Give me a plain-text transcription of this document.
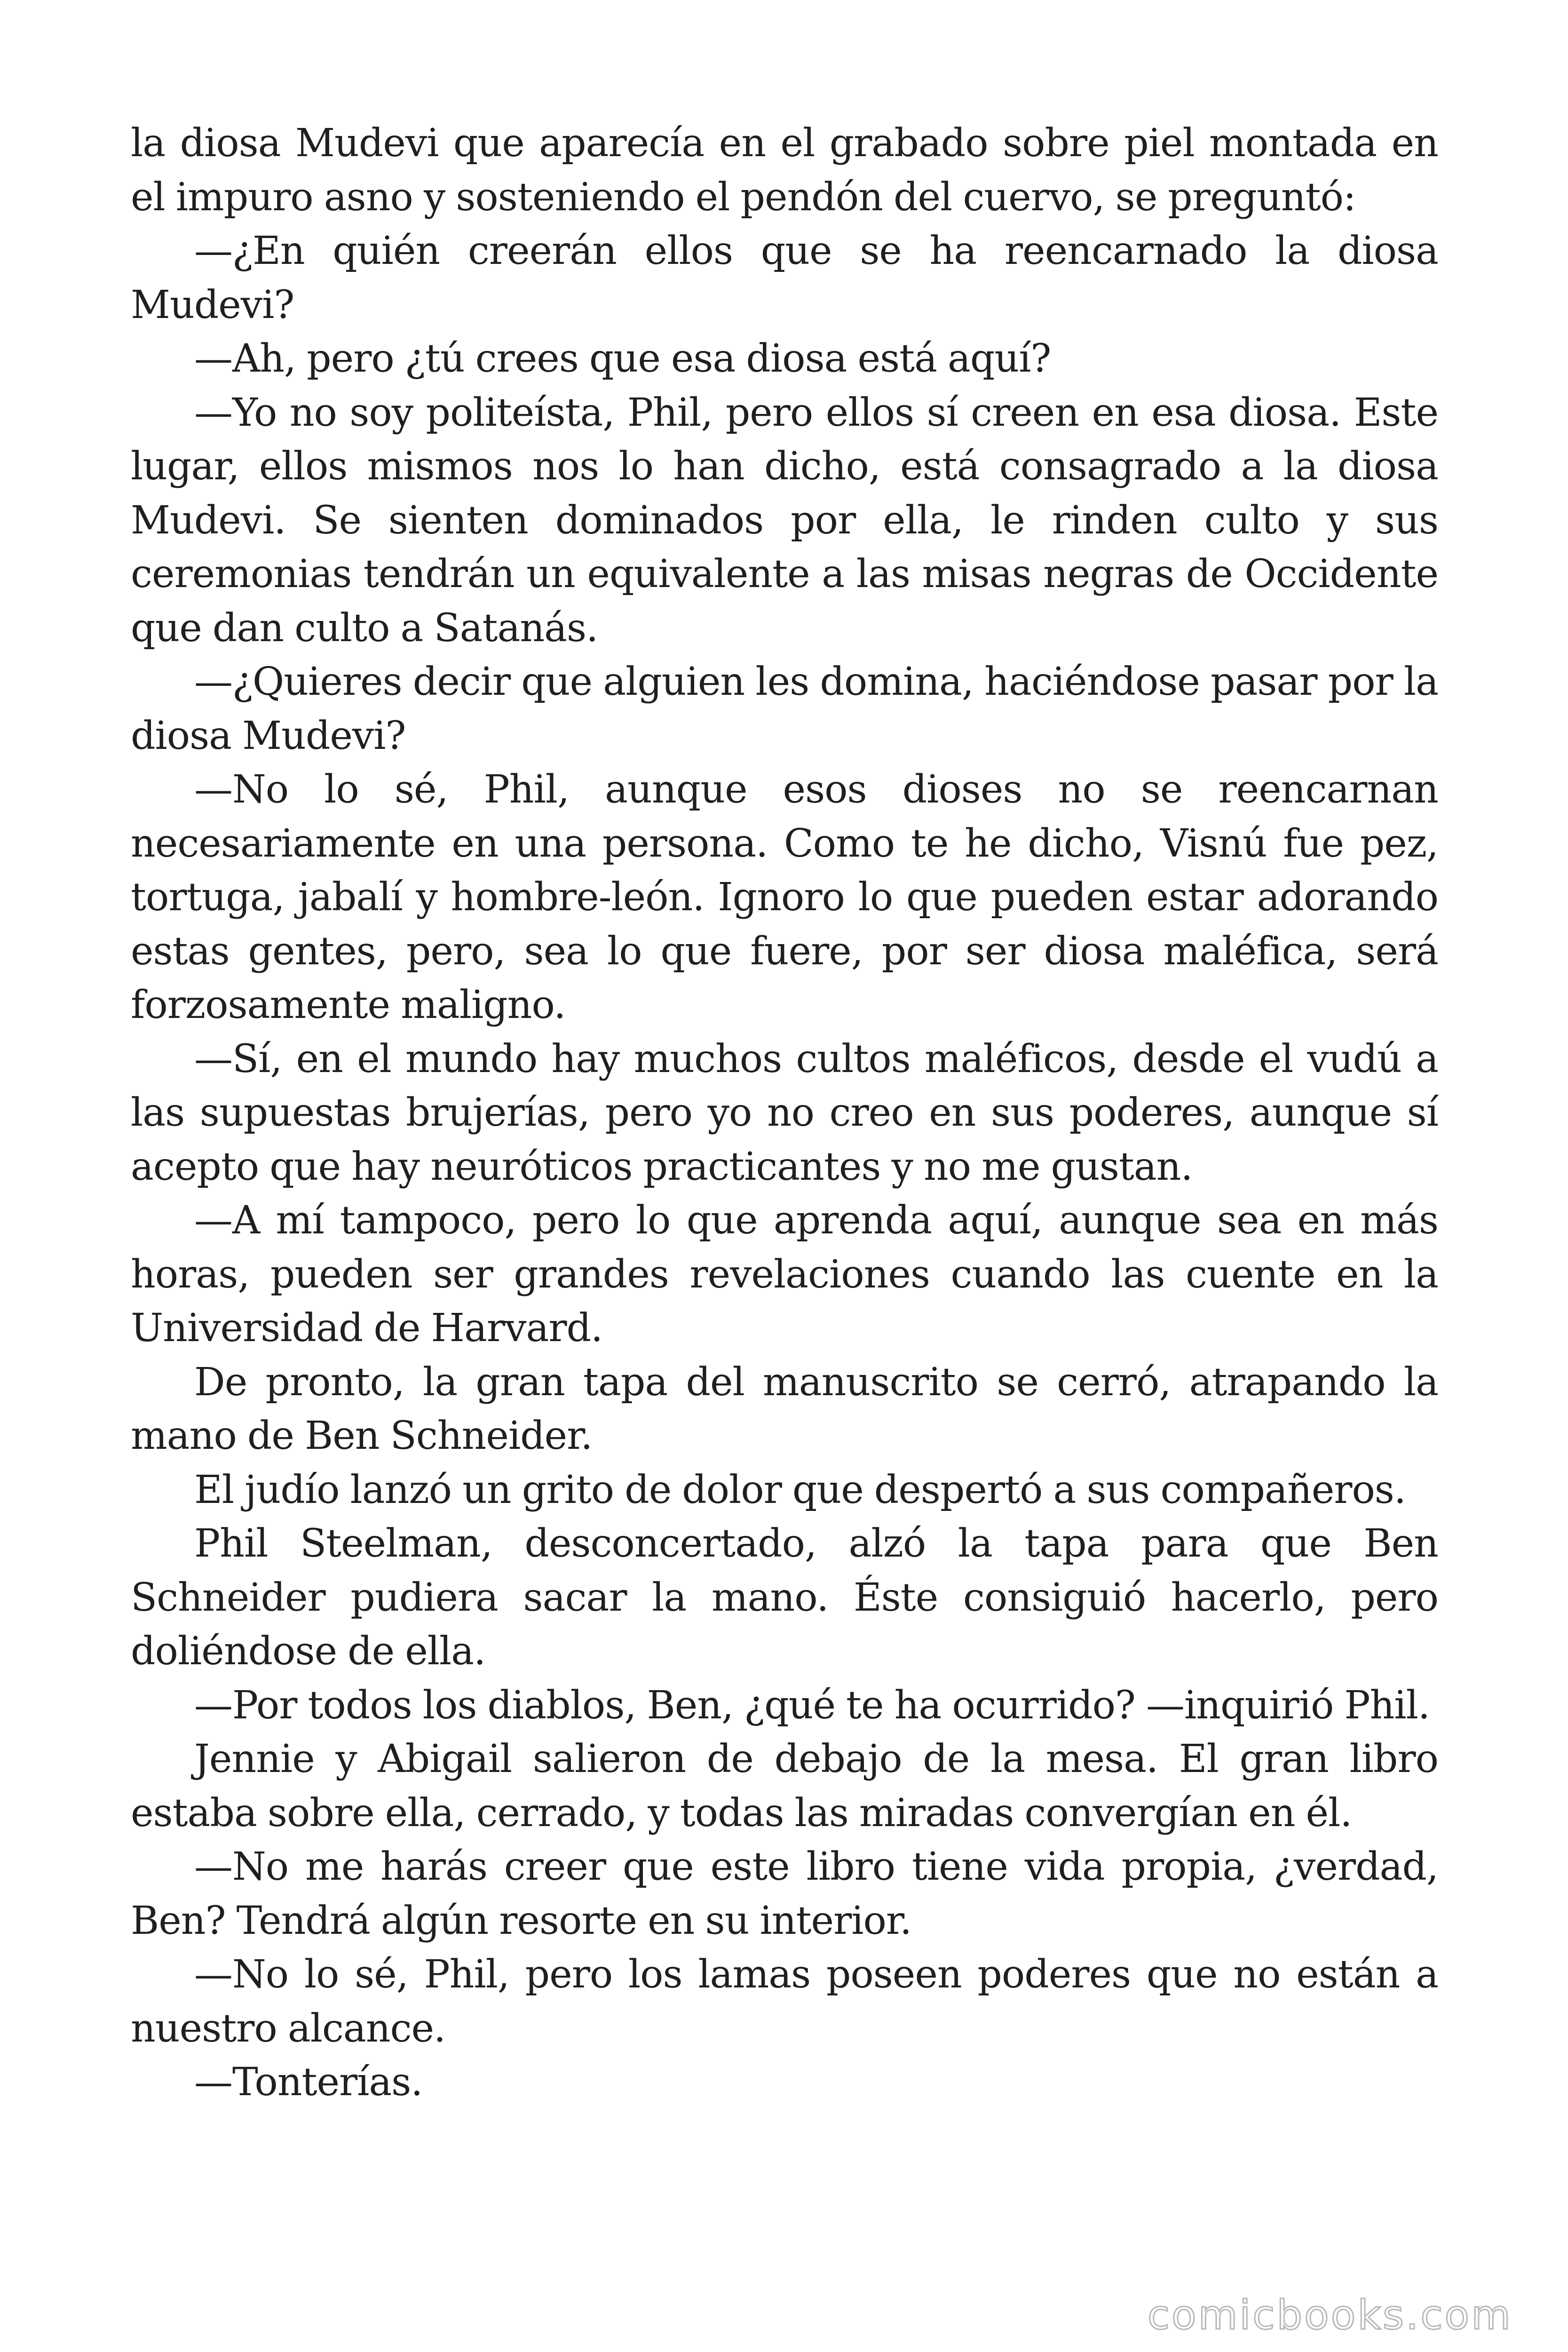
la diosa Mudevi que aparecía en el grabado sobre piel montada en el impuro asno y sosteniendo el pendón del cuervo, se preguntó:

—¿En quién creerán ellos que se ha reencarnado la diosa Mudevi?

—Ah, pero ¿tú crees que esa diosa está aquí?

—Yo no soy politeísta, Phil, pero ellos sí creen en esa diosa. Este lugar, ellos mismos nos lo han dicho, está consagrado a la diosa Mudevi. Se sienten dominados por ella, le rinden culto y sus ceremonias tendrán un equivalente a las misas negras de Occidente que dan culto a Satanás.

—¿Quieres decir que alguien les domina, haciéndose pasar por la diosa Mudevi?

—No lo sé, Phil, aunque esos dioses no se reencarnan necesariamente en una persona. Como te he dicho, Visnú fue pez, tortuga, jabalí y hombre-león. Ignoro lo que pueden estar adorando estas gentes, pero, sea lo que fuere, por ser diosa maléfica, será forzosamente maligno.

—Sí, en el mundo hay muchos cultos maléficos, desde el vudú a las supuestas brujerías, pero yo no creo en sus poderes, aunque sí acepto que hay neuróticos practicantes y no me gustan.

—A mí tampoco, pero lo que aprenda aquí, aunque sea en más horas, pueden ser grandes revelaciones cuando las cuente en la Universidad de Harvard.

De pronto, la gran tapa del manuscrito se cerró, atrapando la mano de Ben Schneider.

El judío lanzó un grito de dolor que despertó a sus compañeros.

Phil Steelman, desconcertado, alzó la tapa para que Ben Schneider pudiera sacar la mano. Éste consiguió hacerlo, pero doliéndose de ella.

—Por todos los diablos, Ben, ¿qué te ha ocurrido? —inquirió Phil.

Jennie y Abigail salieron de debajo de la mesa. El gran libro estaba sobre ella, cerrado, y todas las miradas convergían en él.

—No me harás creer que este libro tiene vida propia, ¿verdad, Ben? Tendrá algún resorte en su interior.

—No lo sé, Phil, pero los lamas poseen poderes que no están a nuestro alcance.

—Tonterías.

comicbooks.com
